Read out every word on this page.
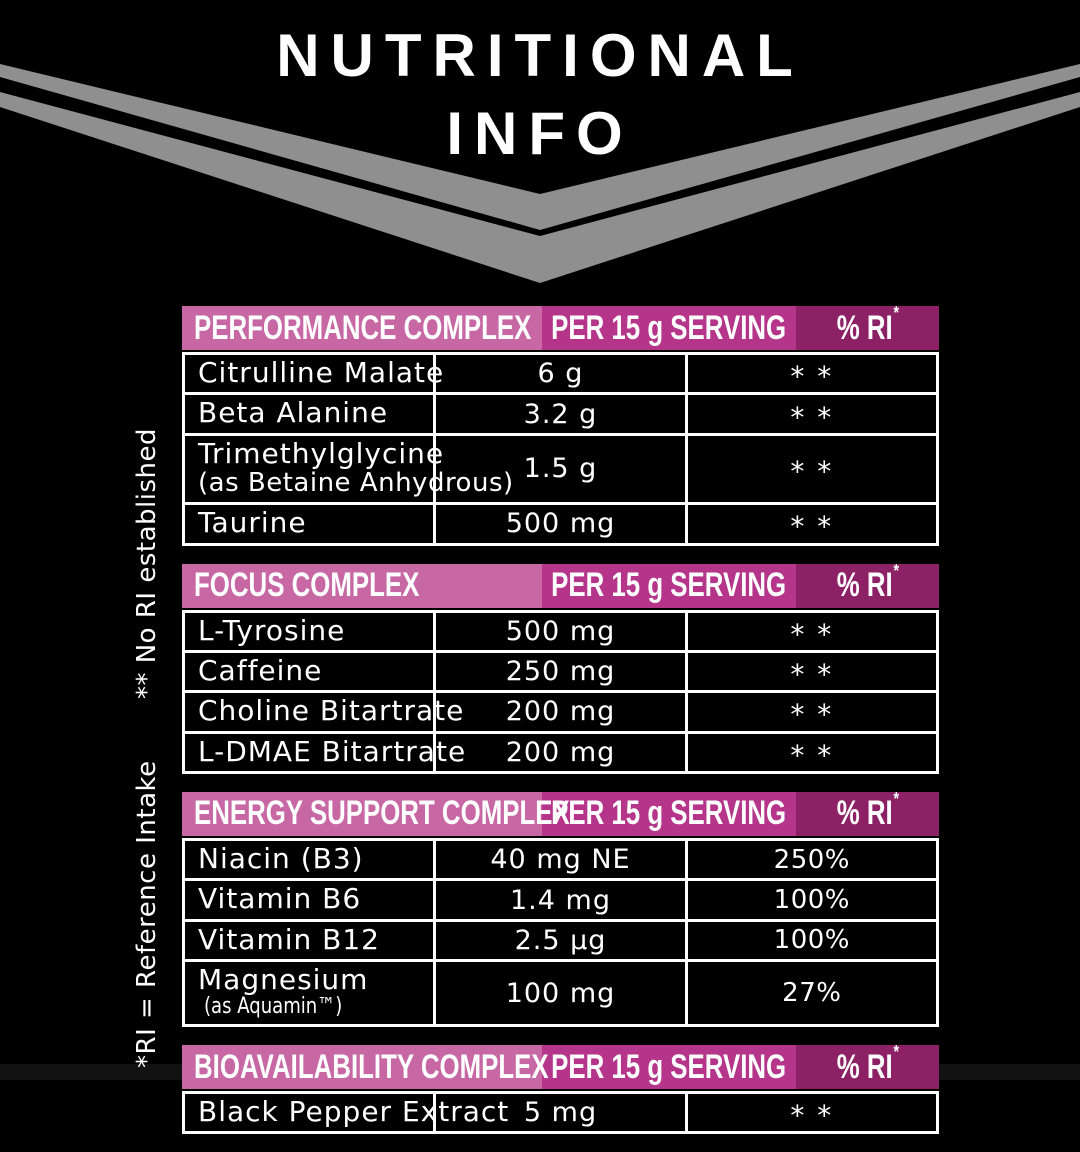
NUTRITIONAL
INFO
*RI = Reference Intake
** No RI established
PERFORMANCE COMPLEX PER 15 g SERVING % RI*
Citrulline Malate	6 g	* *
Beta Alanine	3.2 g	* *
Trimethylglycine
(as Betaine Anhydrous)	1.5 g	* *
Taurine	500 mg	* *
FOCUS COMPLEX	PER 15 g SERVING % RI*
L-Tyrosine	500 mg	* *
Caffeine	250 mg	* *
Choline Bitartrate	200 mg	* *
L-DMAE Bitartrate	200 mg	* *
ENERGY SUPPORT COMPLEX
PER 15 g SERVING % RI*
Niacin (B3)	40 mg NE	250%
Vitamin B6	1.4 mg	100%
Vitamin B12	2.5 µg	100%
Magnesium(as Aquamin™)	100 mg	27%
BIOAVAILABILITY COMPLEX PER 15 g SERVING % RI*
Black Pepper Extract	5 mg	* *
